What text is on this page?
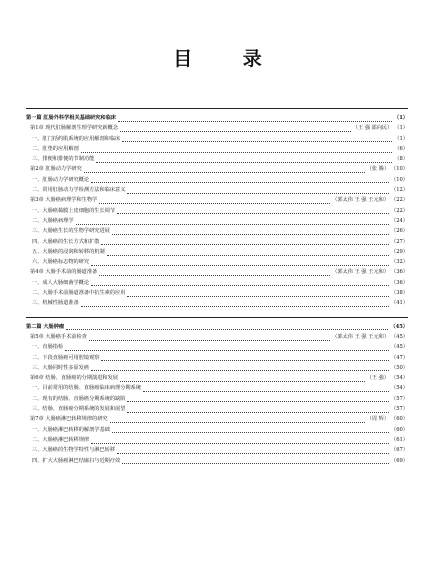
目 录
第一篇 肛肠外科学相关基础研究和临床	（1）
第1章 现代肛肠解剖生理学研究新概念	（王 强 邵向民） （1）
一、肛门括约肌系统的应用解剖和临床	（1）
二、肛垫的应用解剖	（6）
三、排便和排便的节制功能	（8）
第2章 肛肠动力学研究	（张 腾） （10）
一、肛肠动力学研究概论	（10）
二、常用肛肠动力学检测方法和临床意义	（12）
第3章 大肠癌病理学和生物学	（郭太伟 王 强 王元和） （22）
一、大肠癌黏膜上皮细胞的生长调节	（22）
二、大肠癌病理学	（24）
三、大肠癌生长的生物学研究进展	（26）
四、大肠癌的生长方式和扩散	（27）
五、大肠癌的浸润和转移的机制	（29）
六、大肠癌标志物的研究	（32）
第4章 大肠手术前的肠道准备	（郭太伟 王 强 王元和） （36）
一、成人大肠细菌学概论	（36）
二、大肠手术前肠道准备中抗生素的应用	（38）
三、机械性肠道准备	（41）
第二篇 大肠肿瘤	（45）
第5章 大肠癌手术前检查	（郭太伟 王 强 王元和） （45）
一、直肠指检	（45）
二、下段直肠癌可用腔镜观察	（47）
三、大肠同时性多原发癌	（50）
第6章 结肠、直肠癌的分期演进和发展	（王 强） （54）
一、目前常用的结肠、直肠癌临床病理分期系统	（54）
二、现有的结肠、直肠癌分期系统的缺陷	（57）
三、结肠、直肠癌分期系统的发展和展望	（57）
第7章 大肠癌淋巴转移规律的研究	（周 辉） （60）
一、大肠癌淋巴转移的解剖学基础	（60）
二、大肠癌淋巴转移规律	（61）
三、大肠癌的生物学特性与淋巴转移	（67）
四、扩大大肠癌淋巴结廓扫与近期疗效	（69）
